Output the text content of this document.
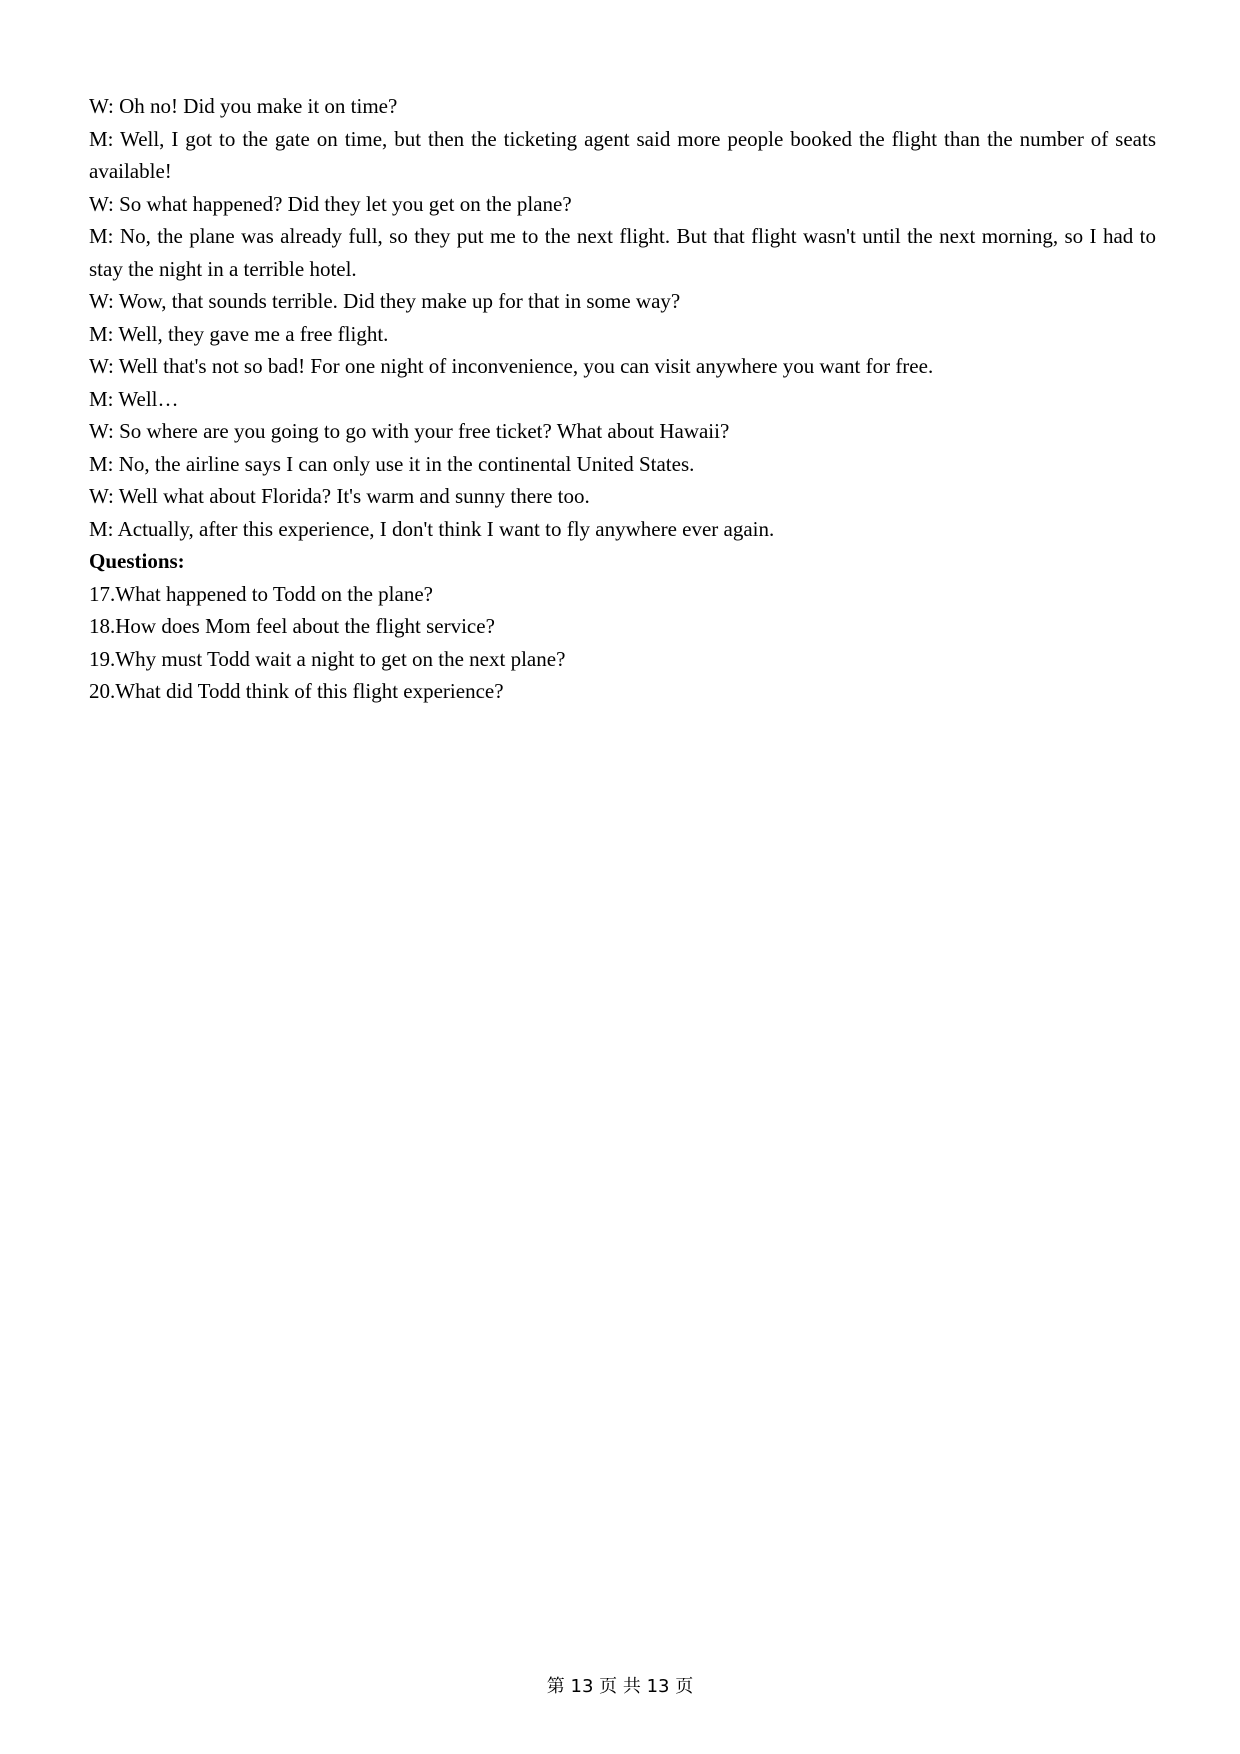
W: Oh no! Did you make it on time?

M: Well, I got to the gate on time, but then the ticketing agent said more people booked the flight than the number of seats available!

W: So what happened? Did they let you get on the plane?

M: No, the plane was already full, so they put me to the next flight. But that flight wasn't until the next morning, so I had to stay the night in a terrible hotel.

W: Wow, that sounds terrible. Did they make up for that in some way?

M: Well, they gave me a free flight.

W: Well that's not so bad! For one night of inconvenience, you can visit anywhere you want for free.

M: Well…

W: So where are you going to go with your free ticket? What about Hawaii?

M: No, the airline says I can only use it in the continental United States.

W: Well what about Florida? It's warm and sunny there too.

M: Actually, after this experience, I don't think I want to fly anywhere ever again.

Questions:

17.What happened to Todd on the plane?

18.How does Mom feel about the flight service?

19.Why must Todd wait a night to get on the next plane?

20.What did Todd think of this flight experience?

第 13 页 共 13 页
